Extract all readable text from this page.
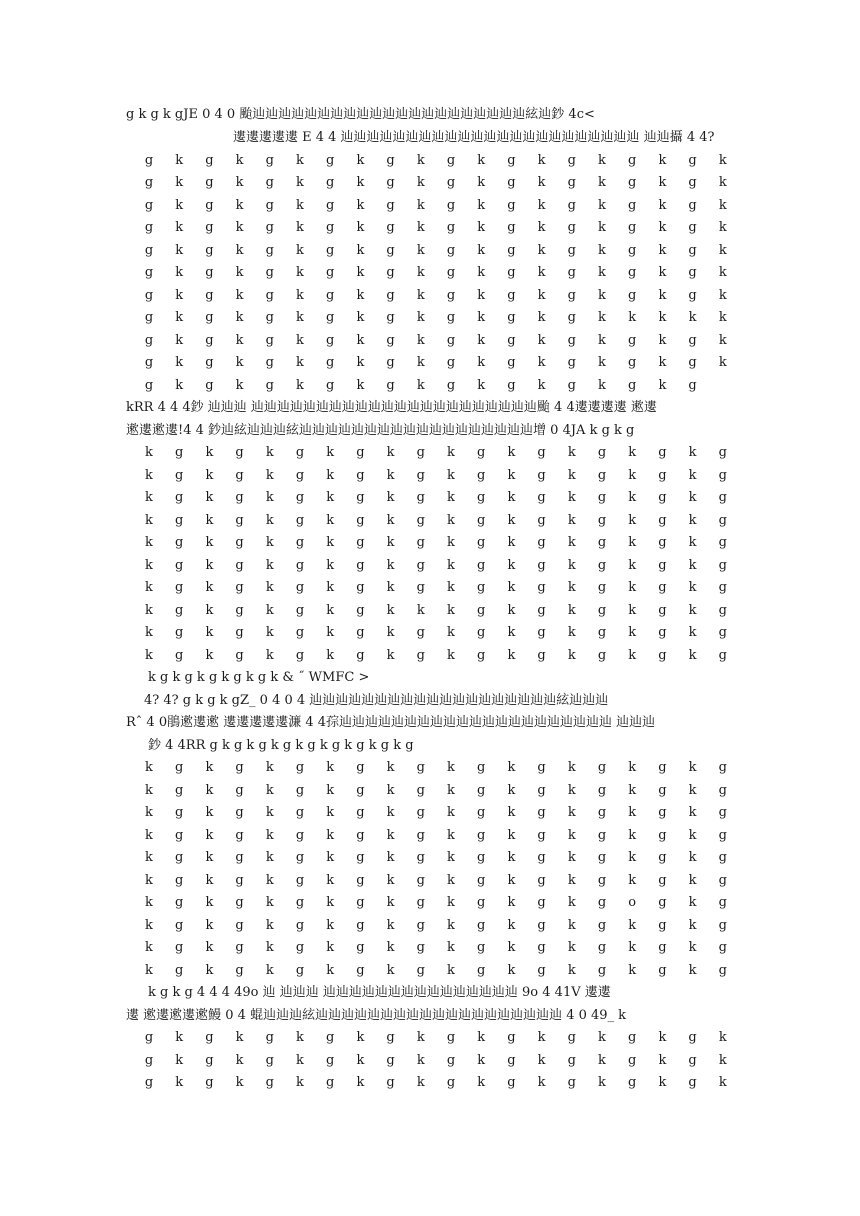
g k g k gJE 0 4 0 颱辿辿辿辿辿辿辿辿辿辿辿辿辿辿辿辿辿辿辿辿辿絃辿鈔 4c<
遱遱遱遱遱 E 4 4 辿辿辿辿辿辿辿辿辿辿辿辿辿辿辿辿辿辿辿辿辿辿辿 辿辿攝 4 4?
g k g k g k g k g k g k g k g k g k g k
g k g k g k g k g k g k g k g k g k g k
g k g k g k g k g k g k g k g k g k g k
g k g k g k g k g k g k g k g k g k g k
g k g k g k g k g k g k g k g k g k g k
g k g k g k g k g k g k g k g k g k g k
g k g k g k g k g k g k g k g k g k g k
g k g k g k g k g k g k g k g k k k k k
g k g k g k g k g k g k g k g k g k g k
g k g k g k g k g k g k g k g k g k g k
g k g k g k g k g k g k g k g k g k g
kRR 4 4 4鈔 辿辿辿 辿辿辿辿辿辿辿辿辿辿辿辿辿辿辿辿辿辿辿辿辿辿颱 4 4遱遱遱遱 遬遱
遬遱遬遱!4 4 鈔辿絃辿辿辿絃辿辿辿辿辿辿辿辿辿辿辿辿辿辿辿辿辿辿增 0 4JA k g k g
k g k g k g k g k g k g k g k g k g k g
k g k g k g k g k g k g k g k g k g k g
k g k g k g k g k g k g k g k g k g k g
k g k g k g k g k g k g k g k g k g k g
k g k g k g k g k g k g k g k g k g k g
k g k g k g k g k g k g k g k g k g k g
k g k g k g k g k g k g k g k g k g k g
k g k g k g k g k k k g k g k g k g k g
k g k g k g k g k g k g k g k g k g k g
k g k g k g k g k g k g k g k g k g k g
k g k g k g k g k g k & ˝ WMFC >
4? 4? g k g k gZ_ 0 4 0 4 辿辿辿辿辿辿辿辿辿辿辿辿辿辿辿辿辿辿辿絃辿辿辿
Rˆ 4 0鵑遬遱遬 遱遱遱遱遱濂 4 4孮辿辿辿辿辿辿辿辿辿辿辿辿辿辿辿辿辿辿辿辿辿 辿辿辿
鈔 4 4RR g k g k g k g k g k g k g k g k g
k g k g k g k g k g k g k g k g k g k g
k g k g k g k g k g k g k g k g k g k g
k g k g k g k g k g k g k g k g k g k g
k g k g k g k g k g k g k g k g k g k g
k g k g k g k g k g k g k g k g k g k g
k g k g k g k g k g k g k g k g k g k g
k g k g k g k g k g k g k g k g o g k g
k g k g k g k g k g k g k g k g k g k g
k g k g k g k g k g k g k g k g k g k g
k g k g k g k g k g k g k g k g k g k g
k g k g 4 4 4 49o 辿 辿辿辿 辿辿辿辿辿辿辿辿辿辿辿辿辿辿辿 9o 4 41V 遱遱
遱 遬遱遬遱遬鰻 0 4 蜫辿辿辿絃辿辿辿辿辿辿辿辿辿辿辿辿辿辿辿辿辿辿辿 4 0 49_ k
g k g k g k g k g k g k g k g k g k g k
g k g k g k g k g k g k g k g k g k g k
g k g k g k g k g k g k g k g k g k g k
